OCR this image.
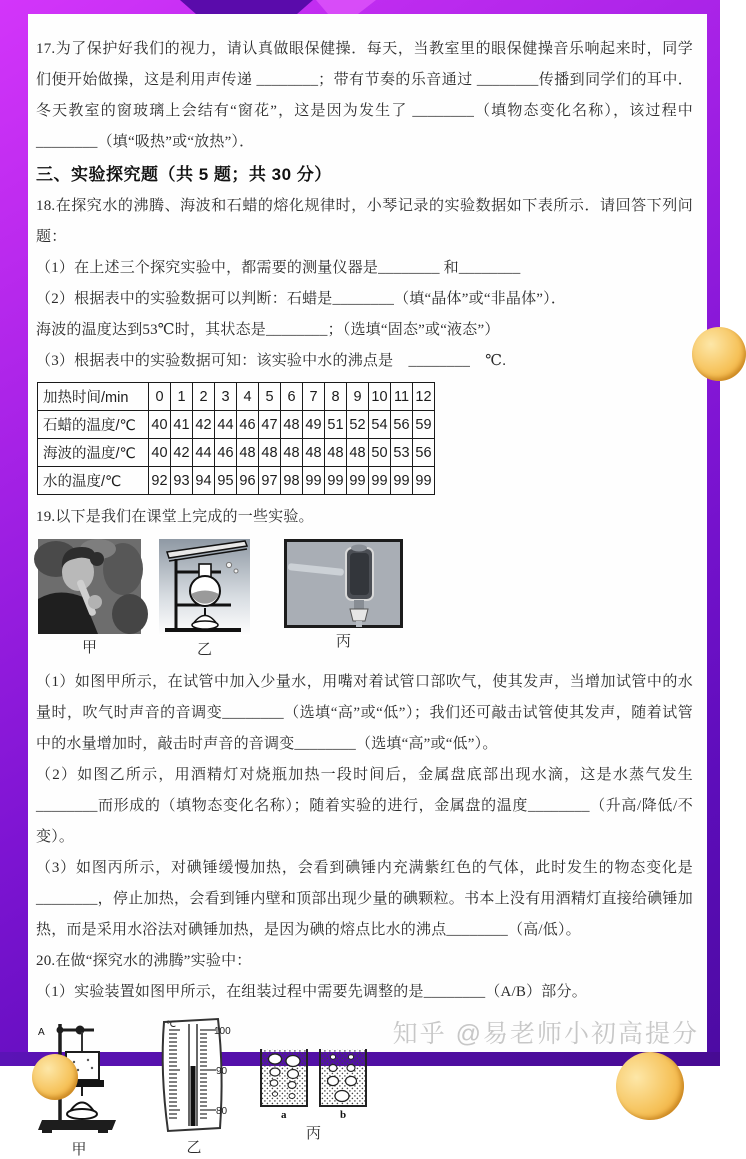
17.为了保护好我们的视力，请认真做眼保健操．每天，当教室里的眼保健操音乐响起来时，同学们便开始做操，这是利用声传递 ________；带有节奏的乐音通过 ________传播到同学们的耳中．冬天教室的窗玻璃上会结有“窗花”，这是因为发生了 ________（填物态变化名称），该过程中 ________（填“吸热”或“放热”）．

三、实验探究题（共 5 题；共 30 分）

18.在探究水的沸腾、海波和石蜡的熔化规律时，小琴记录的实验数据如下表所示．请回答下列问题：

（1）在上述三个探究实验中，都需要的测量仪器是________ 和________

（2）根据表中的实验数据可以判断：石蜡是________（填“晶体”或“非晶体”）．

海波的温度达到53℃时，其状态是________；（选填“固态”或“液态”）

（3）根据表中的实验数据可知：该实验中水的沸点是　________　℃.

加热时间/min	0	1	2	3	4	5	6	7	8	9	10	11	12
石蜡的温度/℃	40	41	42	44	46	47	48	49	51	52	54	56	59
海波的温度/℃	40	42	44	46	48	48	48	48	48	48	50	53	56
水的温度/℃	92	93	94	95	96	97	98	99	99	99	99	99	99

19.以下是我们在课堂上完成的一些实验。

甲	乙	丙

（1）如图甲所示，在试管中加入少量水，用嘴对着试管口部吹气，使其发声，当增加试管中的水量时，吹气时声音的音调变________（选填“高”或“低”）；我们还可敲击试管使其发声，随着试管中的水量增加时，敲击时声音的音调变________（选填“高”或“低”）。

（2）如图乙所示，用酒精灯对烧瓶加热一段时间后，金属盘底部出现水滴，这是水蒸气发生________而形成的（填物态变化名称）；随着实验的进行，金属盘的温度________（升高/降低/不变）。

（3）如图丙所示，对碘锤缓慢加热，会看到碘锤内充满紫红色的气体，此时发生的物态变化是________，停止加热，会看到锤内壁和顶部出现少量的碘颗粒。书本上没有用酒精灯直接给碘锤加热，而是采用水浴法对碘锤加热，是因为碘的熔点比水的沸点________（高/低）。

20.在做“探究水的沸腾”实验中：

（1）实验装置如图甲所示，在组装过程中需要先调整的是________（A/B）部分。

A
甲
℃
100
90
80
乙
a	b
丙
知乎 @易老师小初高提分
